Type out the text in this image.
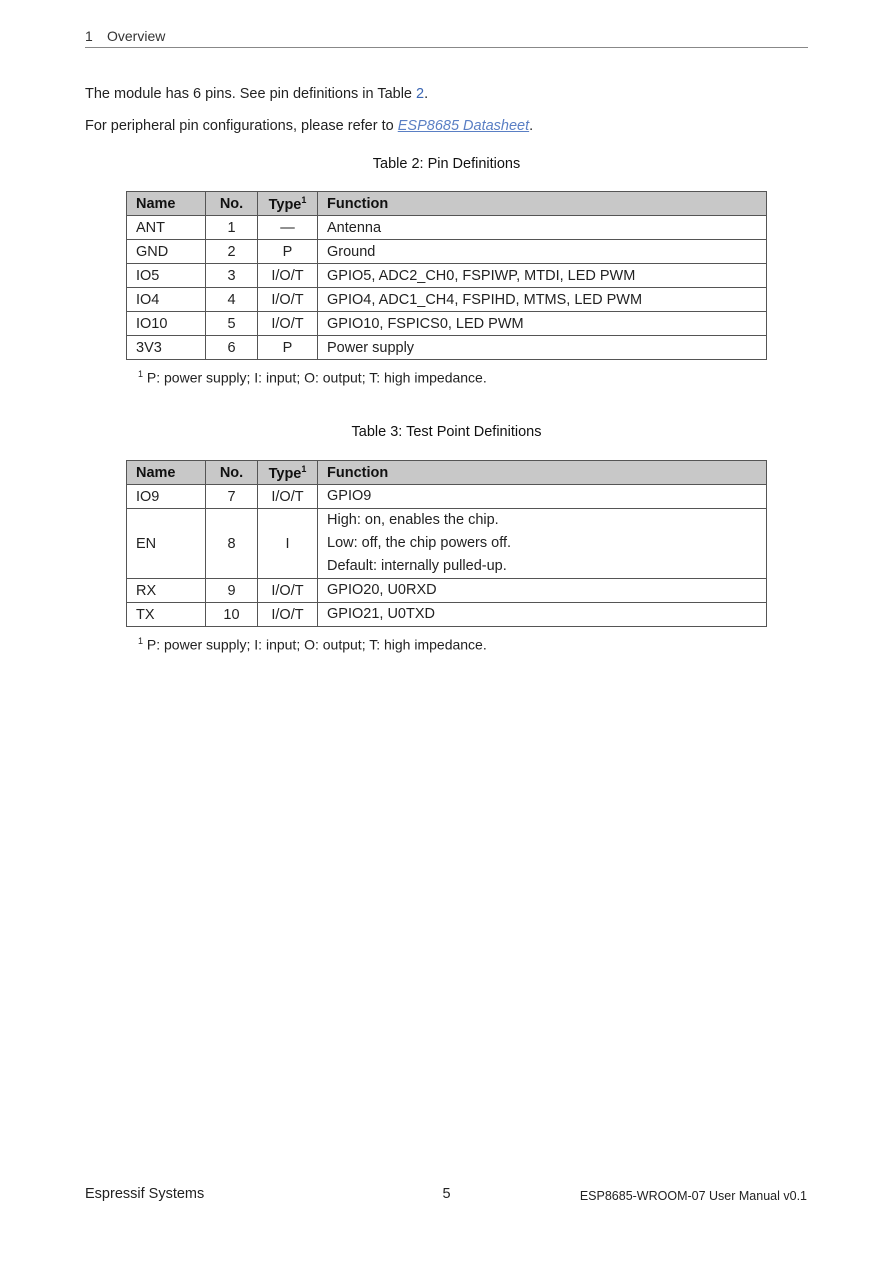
1 Overview
The module has 6 pins. See pin definitions in Table 2.
For peripheral pin configurations, please refer to ESP8685 Datasheet.
Table 2: Pin Definitions
Name	No.	Type$^1$	Function
ANT	1	—	Antenna
GND	2	P	Ground
IO5	3	I/O/T	GPIO5, ADC2_CH0, FSPIWP, MTDI, LED PWM
IO4	4	I/O/T	GPIO4, ADC1_CH4, FSPIHD, MTMS, LED PWM
IO10	5	I/O/T	GPIO10, FSPICS0, LED PWM
3V3	6	P	Power supply
$^1$ P: power supply; I: input; O: output; T: high impedance.
Table 3: Test Point Definitions
Name	No.	Type$^1$	Function
IO9	7	I/O/T	GPIO9

EN	8	I	High: on, enables the chip.
Low: off, the chip powers off.
Default: internally pulled-up.

RX	9	I/O/T	GPIO20, U0RXD

TX	10	I/O/T	GPIO21, U0TXD
$^1$ P: power supply; I: input; O: output; T: high impedance.
Espressif Systems	5	ESP8685-WROOM-07 User Manual v0.1
